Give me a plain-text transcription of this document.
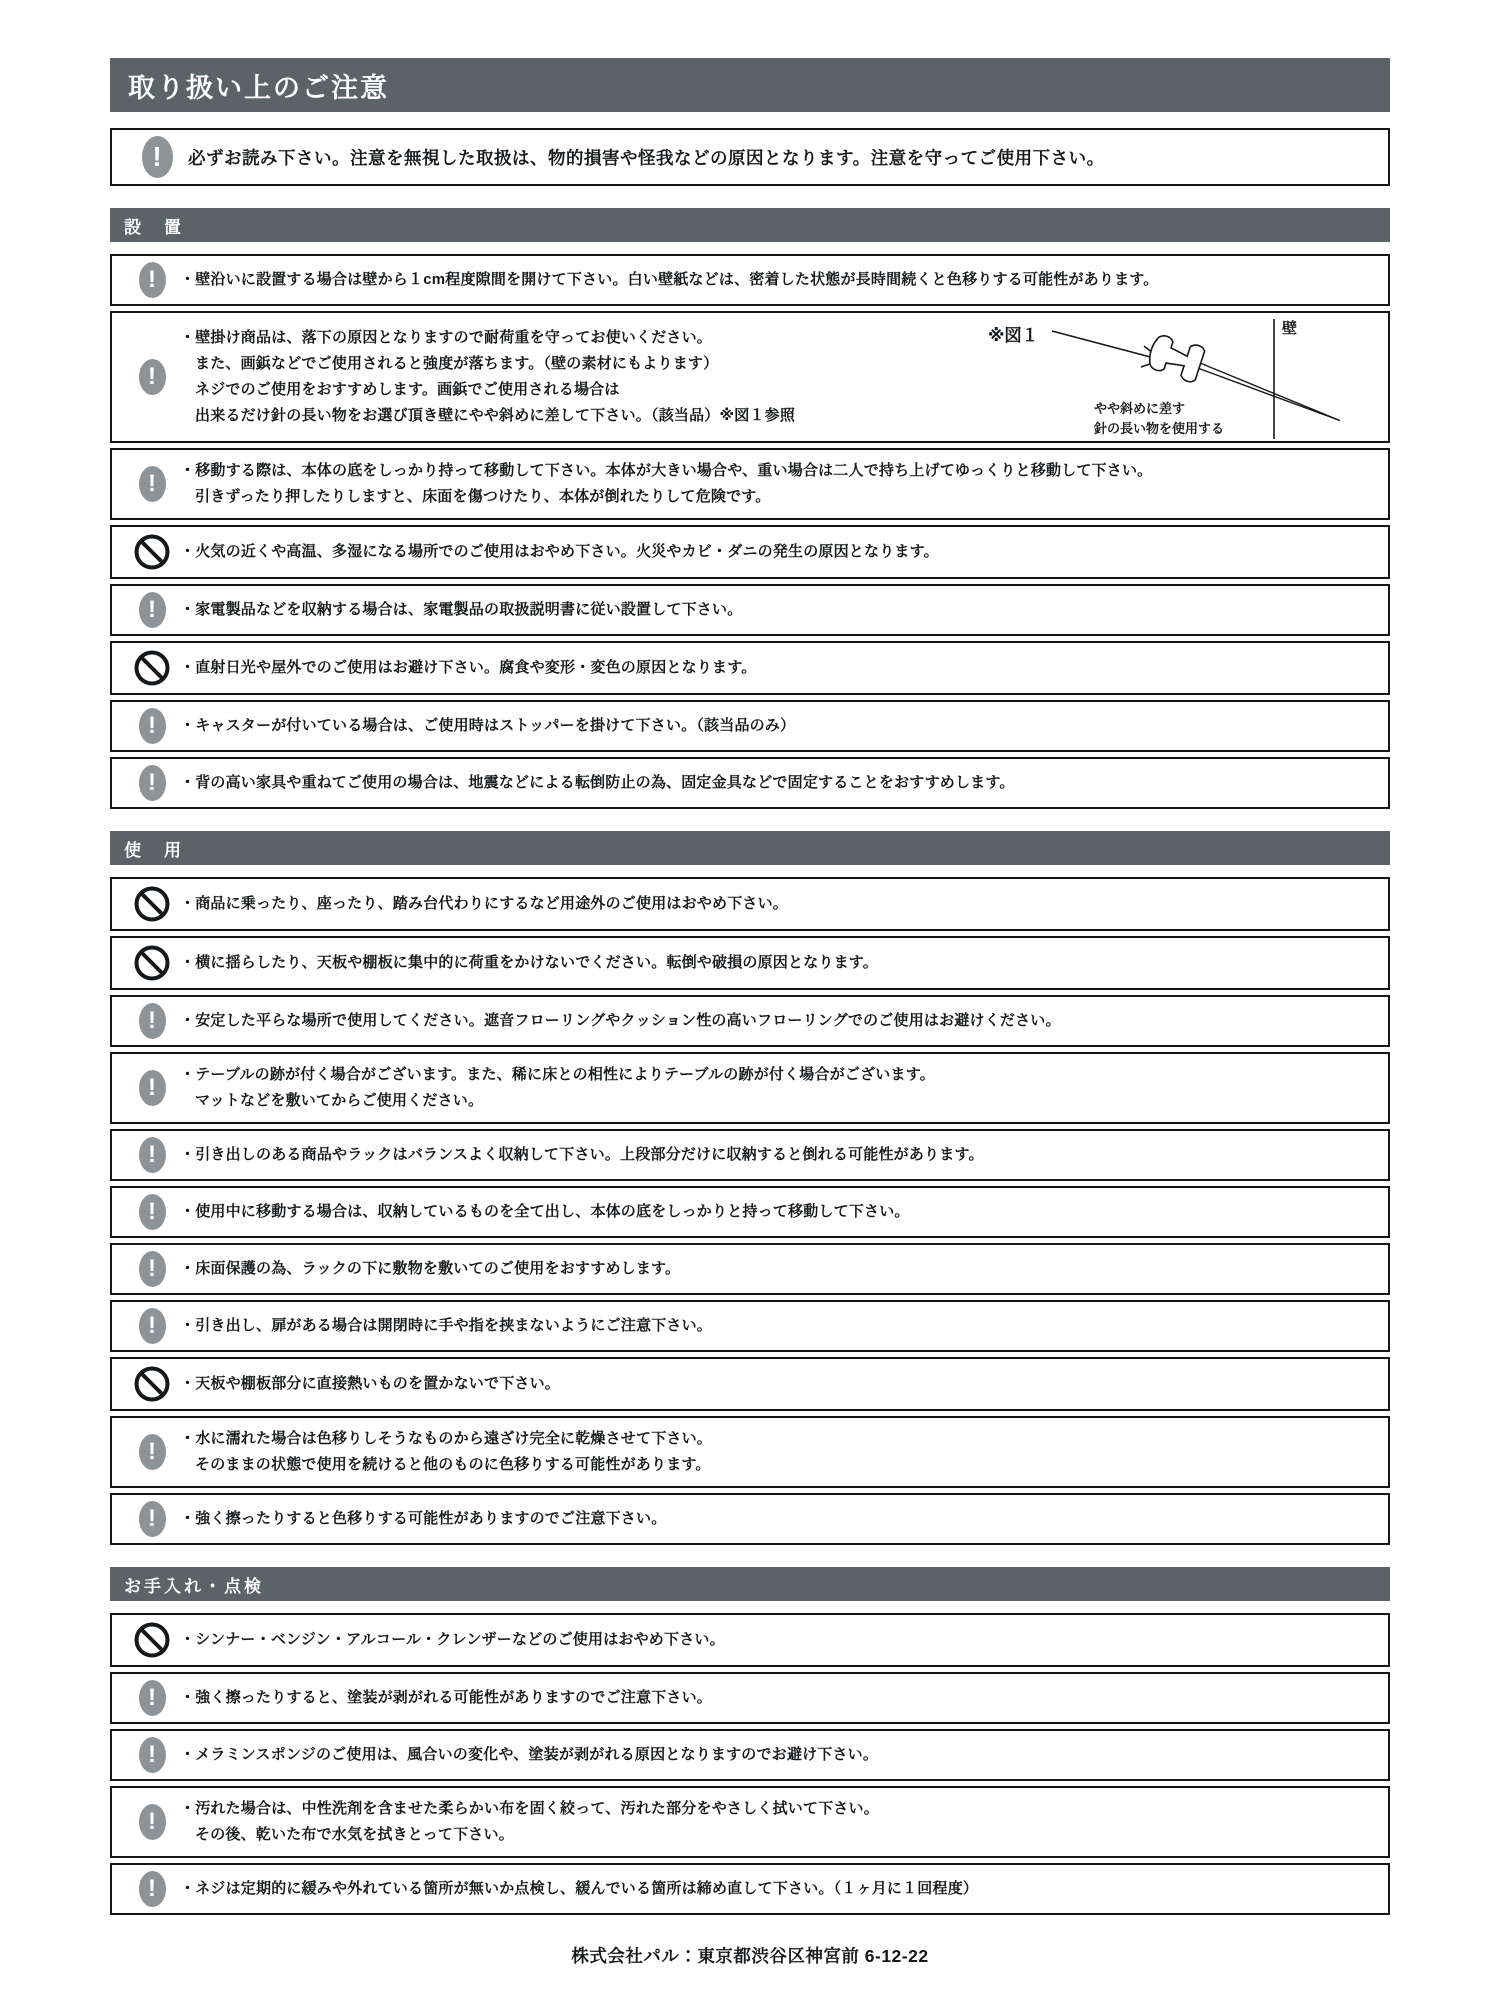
取り扱い上のご注意
!	必ずお読み下さい。注意を無視した取扱は、物的損害や怪我などの原因となります。注意を守ってご使用下さい。
設　置
!	・壁沿いに設置する場合は壁から１cm程度隙間を開けて下さい。白い壁紙などは、密着した状態が長時間続くと色移りする可能性があります。
!
・壁掛け商品は、落下の原因となりますので耐荷重を守ってお使いください。
また、画鋲などでご使用されると強度が落ちます。（壁の素材にもよります）
ネジでのご使用をおすすめします。画鋲でご使用される場合は
出来るだけ針の長い物をお選び頂き壁にやや斜めに差して下さい。（該当品）※図１参照
※図１	壁
やや斜めに差す
針の長い物を使用する
!	・移動する際は、本体の底をしっかり持って移動して下さい。本体が大きい場合や、重い場合は二人で持ち上げてゆっくりと移動して下さい。
引きずったり押したりしますと、床面を傷つけたり、本体が倒れたりして危険です。
・火気の近くや高温、多湿になる場所でのご使用はおやめ下さい。火災やカビ・ダニの発生の原因となります。
!	・家電製品などを収納する場合は、家電製品の取扱説明書に従い設置して下さい。
・直射日光や屋外でのご使用はお避け下さい。腐食や変形・変色の原因となります。
!	・キャスターが付いている場合は、ご使用時はストッパーを掛けて下さい。（該当品のみ）
!	・背の高い家具や重ねてご使用の場合は、地震などによる転倒防止の為、固定金具などで固定することをおすすめします。
使　用
・商品に乗ったり、座ったり、踏み台代わりにするなど用途外のご使用はおやめ下さい。
・横に揺らしたり、天板や棚板に集中的に荷重をかけないでください。転倒や破損の原因となります。
!	・安定した平らな場所で使用してください。遮音フローリングやクッション性の高いフローリングでのご使用はお避けください。
!	・テーブルの跡が付く場合がございます。また、稀に床との相性によりテーブルの跡が付く場合がございます。
マットなどを敷いてからご使用ください。
!	・引き出しのある商品やラックはバランスよく収納して下さい。上段部分だけに収納すると倒れる可能性があります。
!	・使用中に移動する場合は、収納しているものを全て出し、本体の底をしっかりと持って移動して下さい。
!	・床面保護の為、ラックの下に敷物を敷いてのご使用をおすすめします。
!	・引き出し、扉がある場合は開閉時に手や指を挟まないようにご注意下さい。
・天板や棚板部分に直接熱いものを置かないで下さい。
!	・水に濡れた場合は色移りしそうなものから遠ざけ完全に乾燥させて下さい。
そのままの状態で使用を続けると他のものに色移りする可能性があります。
!	・強く擦ったりすると色移りする可能性がありますのでご注意下さい。
お手入れ・点検
・シンナー・ベンジン・アルコール・クレンザーなどのご使用はおやめ下さい。
!	・強く擦ったりすると、塗装が剥がれる可能性がありますのでご注意下さい。
!	・メラミンスポンジのご使用は、風合いの変化や、塗装が剥がれる原因となりますのでお避け下さい。
!	・汚れた場合は、中性洗剤を含ませた柔らかい布を固く絞って、汚れた部分をやさしく拭いて下さい。
その後、乾いた布で水気を拭きとって下さい。
!	・ネジは定期的に緩みや外れている箇所が無いか点検し、緩んでいる箇所は締め直して下さい。（１ヶ月に１回程度）
株式会社パル：東京都渋谷区神宮前 6-12-22
